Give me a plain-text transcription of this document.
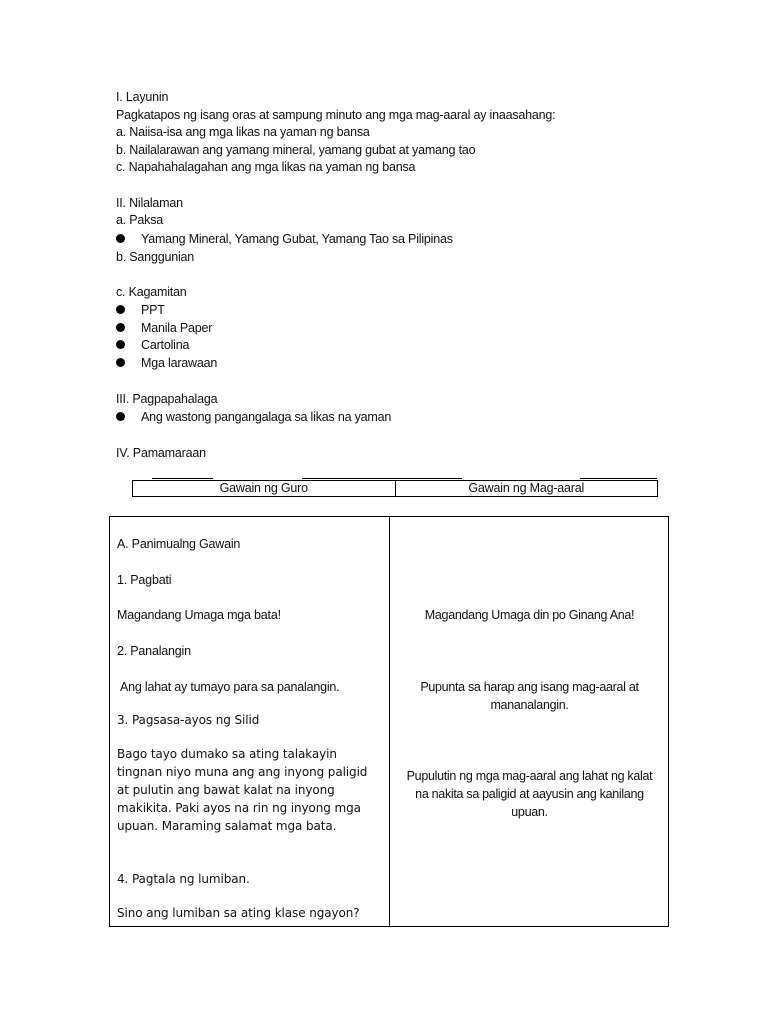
I. Layunin
Pagkatapos ng isang oras at sampung minuto ang mga mag-aaral ay inaasahang:
a. Naiisa-isa ang mga likas na yaman ng bansa
b. Nailalarawan ang yamang mineral, yamang gubat at yamang tao
c. Napahahalagahan ang mga likas na yaman ng bansa
II. Nilalaman
a. Paksa
Yamang Mineral, Yamang Gubat, Yamang Tao sa Pilipinas
b. Sanggunian
c. Kagamitan
PPT
Manila Paper
Cartolina
Mga larawaan
III. Pagpapahalaga
Ang wastong pangangalaga sa likas na yaman
IV. Pamamaraan
Gawain ng Guro	Gawain ng Mag-aaral
A. Panimualng Gawain
1. Pagbati
Magandang Umaga mga bata!
2. Panalangin
Ang lahat ay tumayo para sa panalangin.
3. Pagsasa-ayos ng Silid
Bago tayo dumako sa ating talakayin
tingnan niyo muna ang ang inyong paligid
at pulutin ang bawat kalat na inyong
makikita. Paki ayos na rin ng inyong mga
upuan. Maraming salamat mga bata.
4. Pagtala ng lumiban.
Sino ang lumiban sa ating klase ngayon?
Magandang Umaga din po Ginang Ana!
Pupunta sa harap ang isang mag-aaral at
mananalangin.
Pupulutin ng mga mag-aaral ang lahat ng kalat
na nakita sa paligid at aayusin ang kanilang
upuan.
